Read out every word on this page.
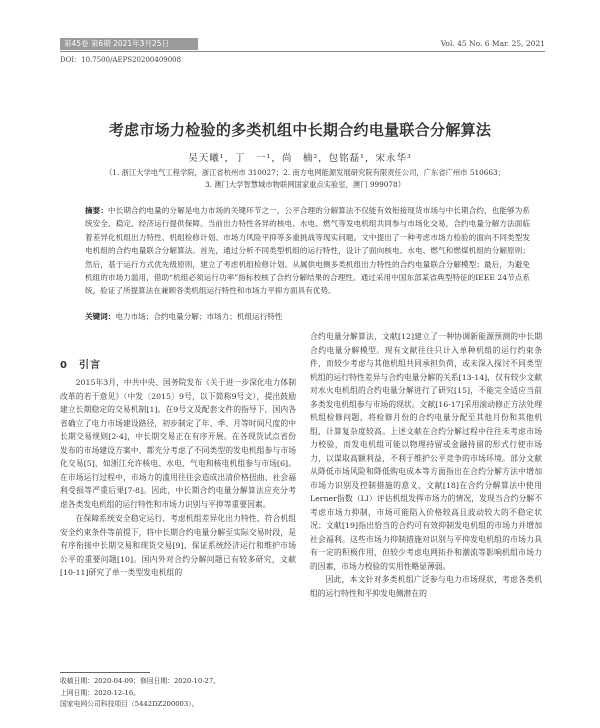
第45卷 第6期 2021年3月25日	Vol. 45 No. 6 Mar. 25, 2021
DOI：10.7500/AEPS20200409008
考虑市场力检验的多类机组中长期合约电量联合分解算法
吴天曦¹，丁　一¹，尚　楠²，包铭磊¹，宋永华³
（1. 浙江大学电气工程学院，浙江省杭州市 310027；2. 南方电网能源发展研究院有限责任公司，广东省广州市 510663；
3. 澳门大学智慧城市物联网国家重点实验室，澳门 999078）
摘要：中长期合约电量的分解是电力市场的关键环节之一，公平合理的分解算法不仅能有效衔接现货市场与中长期合约，也能够为系统安全、稳定、经济运行提供保障。当前出力特性各异的核电、水电、燃气等发电机组共同参与市场化交易，合约电量分解方法面临着差异化机组出力特性、机组检修计划、市场力风险平抑等多重挑战等现实问题。文中提出了一种考虑市场力检验的面向不同类型发电机组的合约电量联合分解算法。首先，通过分析不同类型机组的运行特性，设计了面向核电、水电、燃气和燃煤机组的分解原则；然后，基于运行方式优先级原则，建立了考虑机组检修计划、从属供电侧多类机组出力特性的合约电量联合分解模型；最后，为避免机组的市场力滥用，借助“机组必须运行功率”指标校核了合约分解结果的合理性。通过采用中国东部某省典型特征的IEEE 24节点系统，验证了所提算法在兼顾各类机组运行特性和市场力平抑方面具有优势。
关键词：电力市场；合约电量分解；市场力；机组运行特性
0　引言

2015年3月，中共中央、国务院发布《关于进一步深化电力体制改革的若干意见》（中发〔2015〕9号，以下简称9号文），提出鼓励建立长期稳定的交易机制[1]。在9号文及配套文件的指导下，国内各省确立了电力市场建设路径，初步制定了年、季、月等时间尺度的中长期交易规则[2-4]，中长期交易正在有序开展。在各现货试点省份发布的市场建设方案中，都充分考虑了不同类型的发电机组参与市场化交易[5]，如浙江允许核电、水电、气电和核电机组参与市场[6]。在市场运行过程中，市场力的滥用往往会造成出清价格扭曲、社会福利受损等严重后果[7-8]。因此，中长期合约电量分解算法应充分考虑各类发电机组的运行特性和市场力识别与平抑等重要因素。

在保障系统安全稳定运行、考虑机组差异化出力特性、符合机组安全约束条件等前提下，将中长期合约电量分解至实际交易时段，是有序衔接中长期交易和现货交易[9]、保证系统经济运行和维护市场公平的重要问题[10]。国内外对合约分解问题已有较多研究，文献[10-11]研究了单一类型发电机组的

合约电量分解算法，文献[12]建立了一种协调新能源预测的中长期合约电量分解模型。现有文献往往只计入单种机组的运行约束条件，而较少考虑与其他机组共同承担负荷，或未深入探讨不同类型机组的运行特性差异与合约电量分解的关系[13-14]，仅有较少文献对水火电机组的合约电量分解进行了研究[15]，不能完全适应当前多类发电机组参与市场的现状。文献[16-17]采用滚动修正方法处理机组检修问题，将检修月份的合约电量分配至其他月份和其他机组，计算复杂度较高。上述文献在合约分解过程中往往未考虑市场力校验，而发电机组可能以物理持留或金融持留的形式行使市场力，以谋取高额利益，不利于维护公平竞争的市场环境。部分文献从降低市场风险和降低购电成本等方面指出在合约分解方法中增加市场力识别及控制措施的意义，文献[18]在合约分解算法中使用Lerner指数（LI）评估机组发挥市场力的情况，发现当合约分解不考虑市场力抑制，市场可能陷入价格较高且波动较大的不稳定状况；文献[19]指出恰当的合约可有效抑制发电机组的市场力并增加社会福利。这些市场力抑制措施对识别与平抑发电机组的市场力具有一定的积极作用，但较少考虑电网拓扑和潮流等影响机组市场力的因素，市场力校验的实用性略显薄弱。

因此，本文针对多类机组广泛参与电力市场现状，考虑各类机组的运行特性和平抑发电侧潜在的

收稿日期：2020-04-09；修回日期：2020-10-27。
上网日期：2020-12-16。
国家电网公司科技项目（5442DZ200003）。
